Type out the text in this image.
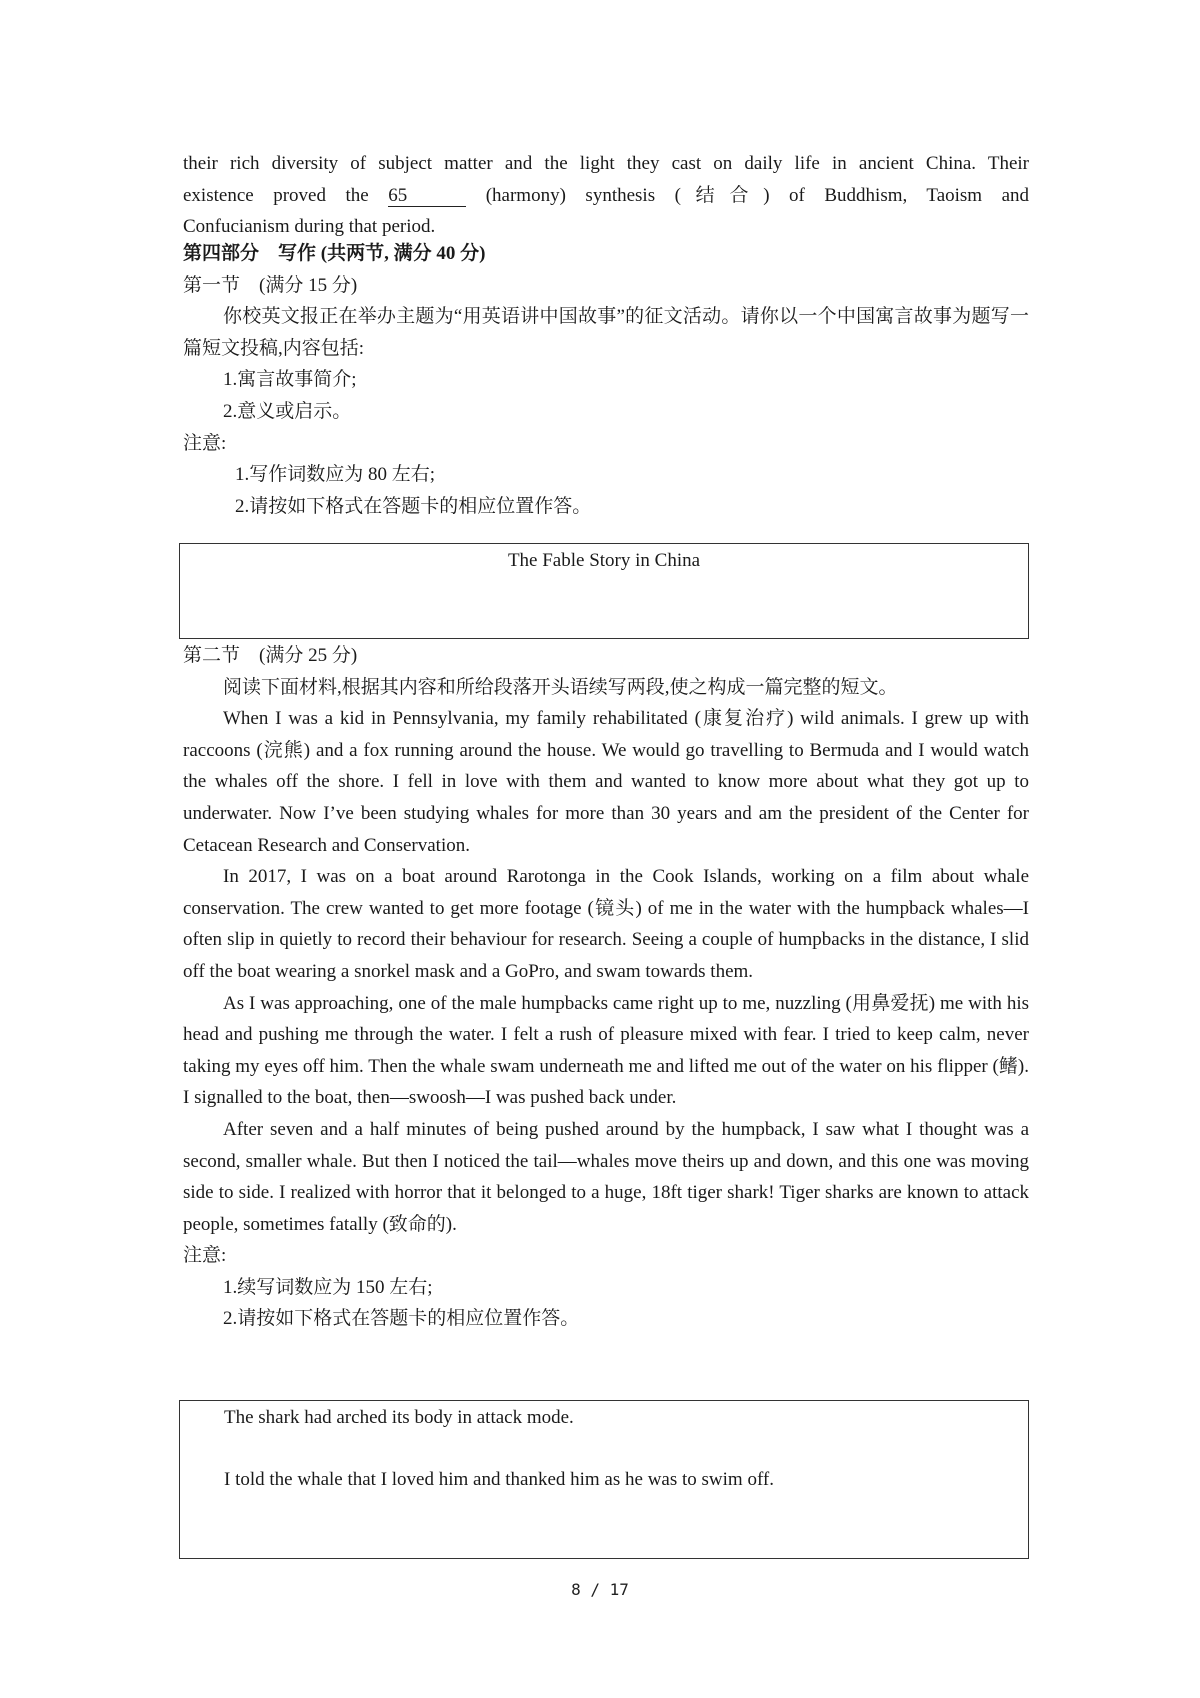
their rich diversity of subject matter and the light they cast on daily life in ancient China. Their

existence proved the 65	(harmony) synthesis (结合) of Buddhism, Taoism and

Confucianism during that period.

第四部分　写作 (共两节, 满分 40 分)

第一节　(满分 15 分)

你校英文报正在举办主题为“用英语讲中国故事”的征文活动。请你以一个中国寓言故事为题写一篇短文投稿,内容包括:

1.寓言故事简介;

2.意义或启示。

注意:

1.写作词数应为 80 左右;

2.请按如下格式在答题卡的相应位置作答。

The Fable Story in China

第二节　(满分 25 分)

阅读下面材料,根据其内容和所给段落开头语续写两段,使之构成一篇完整的短文。

When I was a kid in Pennsylvania, my family rehabilitated (康复治疗) wild animals. I grew up with raccoons (浣熊) and a fox running around the house. We would go travelling to Bermuda and I would watch the whales off the shore. I fell in love with them and wanted to know more about what they got up to underwater. Now I’ve been studying whales for more than 30 years and am the president of the Center for Cetacean Research and Conservation.

In 2017, I was on a boat around Rarotonga in the Cook Islands, working on a film about whale conservation. The crew wanted to get more footage (镜头) of me in the water with the humpback whales—I often slip in quietly to record their behaviour for research. Seeing a couple of humpbacks in the distance, I slid off the boat wearing a snorkel mask and a GoPro, and swam towards them.

As I was approaching, one of the male humpbacks came right up to me, nuzzling (用鼻爱抚) me with his head and pushing me through the water. I felt a rush of pleasure mixed with fear. I tried to keep calm, never taking my eyes off him. Then the whale swam underneath me and lifted me out of the water on his flipper (鳍). I signalled to the boat, then—swoosh—I was pushed back under.

After seven and a half minutes of being pushed around by the humpback, I saw what I thought was a second, smaller whale. But then I noticed the tail—whales move theirs up and down, and this one was moving side to side. I realized with horror that it belonged to a huge, 18ft tiger shark! Tiger sharks are known to attack people, sometimes fatally (致命的).

注意:

1.续写词数应为 150 左右;

2.请按如下格式在答题卡的相应位置作答。

The shark had arched its body in attack mode.
I told the whale that I loved him and thanked him as he was to swim off.
8 / 17
